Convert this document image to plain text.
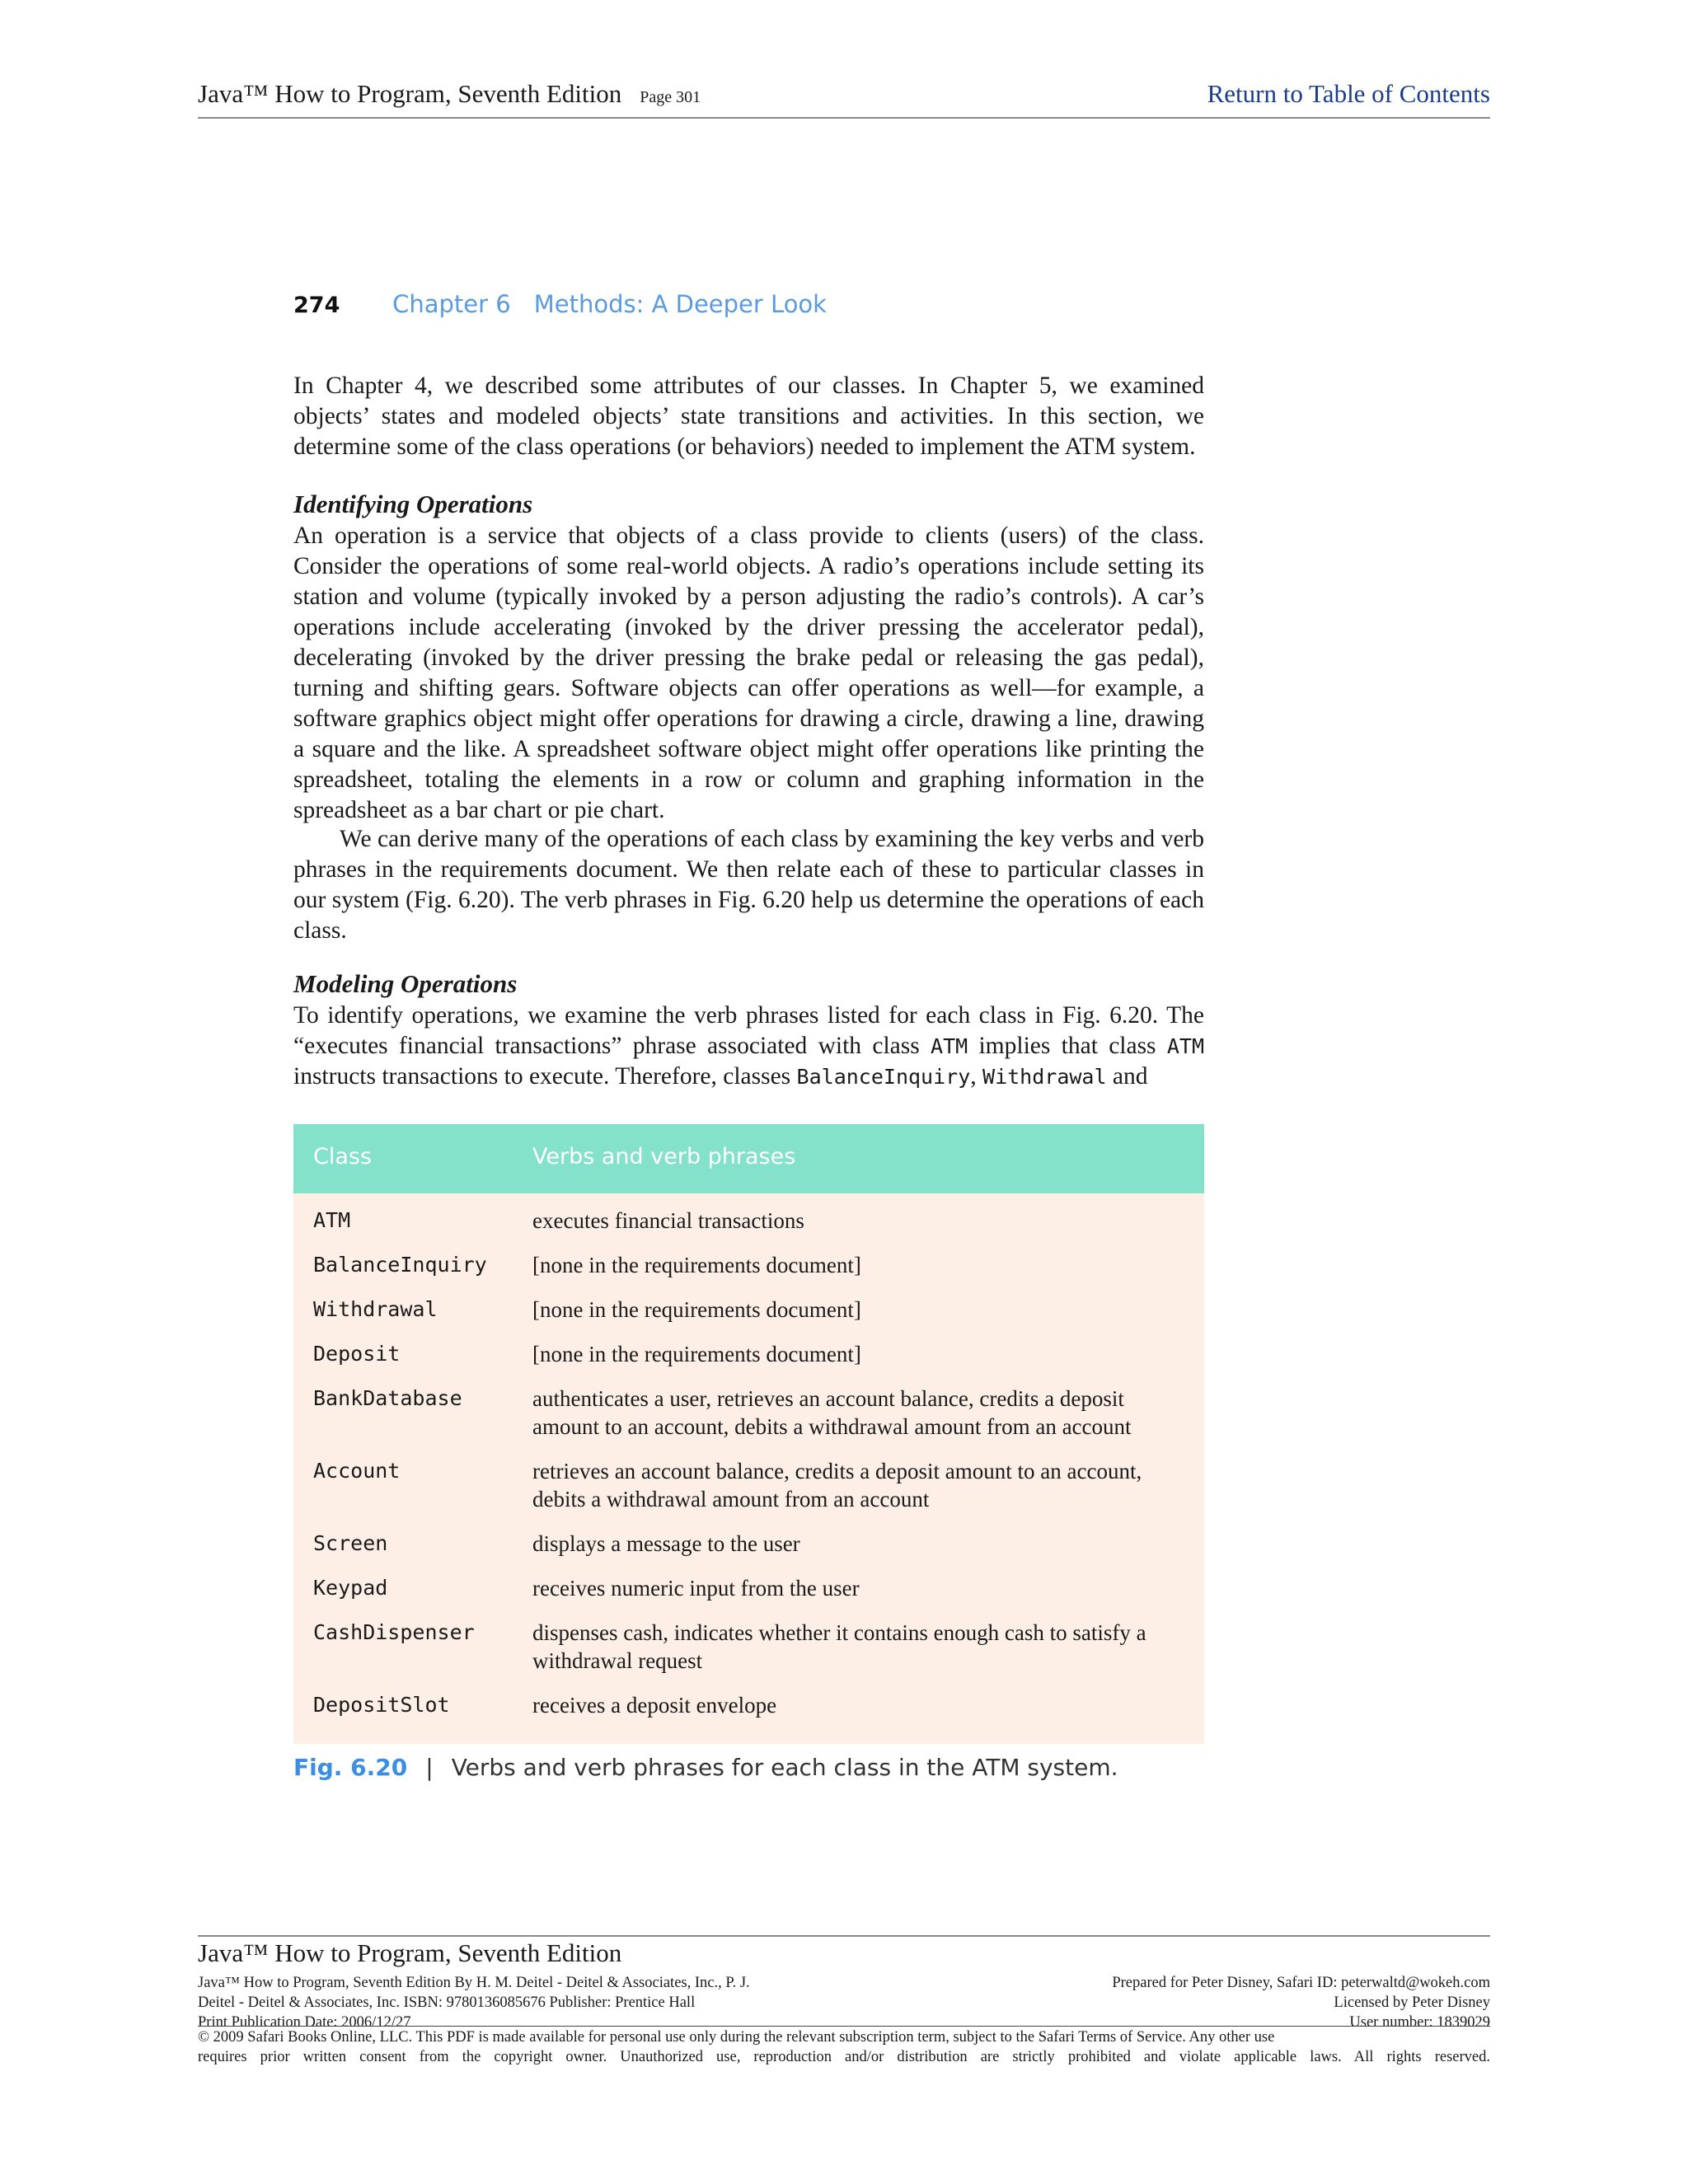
Java™ How to Program, Seventh Edition Page 301	Return to Table of Contents
274 Chapter 6 Methods: A Deeper Look

In Chapter 4, we described some attributes of our classes. In Chapter 5, we examined objects’ states and modeled objects’ state transitions and activities. In this section, we determine some of the class operations (or behaviors) needed to implement the ATM system.

Identifying Operations

An operation is a service that objects of a class provide to clients (users) of the class. Consider the operations of some real-world objects. A radio’s operations include setting its station and volume (typically invoked by a person adjusting the radio’s controls). A car’s operations include accelerating (invoked by the driver pressing the accelerator pedal), decelerating (invoked by the driver pressing the brake pedal or releasing the gas pedal), turning and shifting gears. Software objects can offer operations as well—for example, a software graphics object might offer operations for drawing a circle, drawing a line, drawing a square and the like. A spreadsheet software object might offer operations like printing the spreadsheet, totaling the elements in a row or column and graphing information in the spreadsheet as a bar chart or pie chart.

We can derive many of the operations of each class by examining the key verbs and verb phrases in the requirements document. We then relate each of these to particular classes in our system (Fig. 6.20). The verb phrases in Fig. 6.20 help us determine the operations of each class.

Modeling Operations

To identify operations, we examine the verb phrases listed for each class in Fig. 6.20. The “executes financial transactions” phrase associated with class ATM implies that class ATM instructs transactions to execute. Therefore, classes BalanceInquiry, Withdrawal and

Class	Verbs and verb phrases
ATM	executes financial transactions
BalanceInquiry [none in the requirements document]
Withdrawal	[none in the requirements document]
Deposit	[none in the requirements document]
BankDatabase	authenticates a user, retrieves an account balance, credits a deposit amount to an account, debits a withdrawal amount from an account
Account	retrieves an account balance, credits a deposit amount to an account, debits a withdrawal amount from an account
Screen	displays a message to the user
Keypad	receives numeric input from the user
CashDispenser	dispenses cash, indicates whether it contains enough cash to satisfy a withdrawal request
DepositSlot	receives a deposit envelope
Fig. 6.20 | Verbs and verb phrases for each class in the ATM system.
Java™ How to Program, Seventh Edition
Java™ How to Program, Seventh Edition By H. M. Deitel - Deitel & Associates, Inc., P. J.
Deitel - Deitel & Associates, Inc. ISBN: 9780136085676 Publisher: Prentice Hall
Print Publication Date: 2006/12/27
Prepared for Peter Disney, Safari ID: peterwaltd@wokeh.com
Licensed by Peter Disney
User number: 1839029
© 2009 Safari Books Online, LLC. This PDF is made available for personal use only during the relevant subscription term, subject to the Safari Terms of Service. Any other use
requires prior written consent from the copyright owner. Unauthorized use, reproduction and/or distribution are strictly prohibited and violate applicable laws. All rights reserved.
